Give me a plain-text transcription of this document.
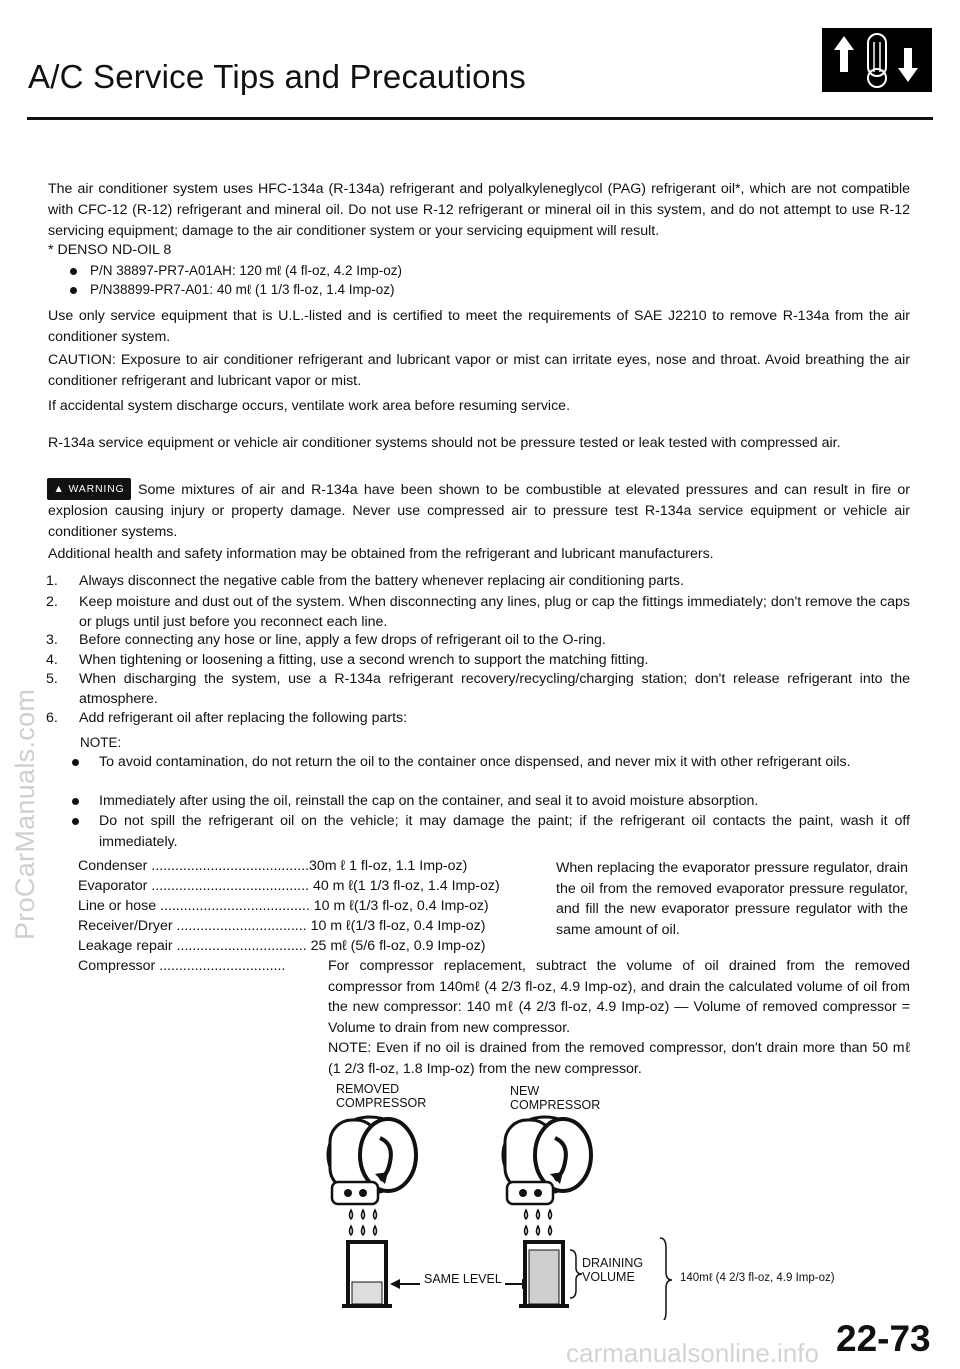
A/C Service Tips and Precautions
The air conditioner system uses HFC-134a (R-134a) refrigerant and polyalkyleneglycol (PAG) refrigerant oil*, which are not compatible with CFC-12 (R-12) refrigerant and mineral oil. Do not use R-12 refrigerant or mineral oil in this system, and do not attempt to use R-12 servicing equipment; damage to the air conditioner system or your servicing equipment will result.
* DENSO ND-OIL 8
P/N 38897-PR7-A01AH: 120 mℓ (4 fl-oz, 4.2 Imp-oz)
P/N38899-PR7-A01: 40 mℓ (1 1/3 fl-oz, 1.4 Imp-oz)
Use only service equipment that is U.L.-listed and is certified to meet the requirements of SAE J2210 to remove R-134a from the air conditioner system.
CAUTION: Exposure to air conditioner refrigerant and lubricant vapor or mist can irritate eyes, nose and throat. Avoid breathing the air conditioner refrigerant and lubricant vapor or mist.
If accidental system discharge occurs, ventilate work area before resuming service.
R-134a service equipment or vehicle air conditioner systems should not be pressure tested or leak tested with compressed air.
▲ WARNING Some mixtures of air and R-134a have been shown to be combustible at elevated pressures and can result in fire or explosion causing injury or property damage. Never use compressed air to pressure test R-134a service equipment or vehicle air conditioner systems.
Additional health and safety information may be obtained from the refrigerant and lubricant manufacturers.
1. Always disconnect the negative cable from the battery whenever replacing air conditioning parts.
2. Keep moisture and dust out of the system. When disconnecting any lines, plug or cap the fittings immediately; don't remove the caps or plugs until just before you reconnect each line.
3. Before connecting any hose or line, apply a few drops of refrigerant oil to the O-ring.
4. When tightening or loosening a fitting, use a second wrench to support the matching fitting.
5. When discharging the system, use a R-134a refrigerant recovery/recycling/charging station; don't release refrigerant into the atmosphere.
6. Add refrigerant oil after replacing the following parts:
NOTE:
To avoid contamination, do not return the oil to the container once dispensed, and never mix it with other refrigerant oils.
Immediately after using the oil, reinstall the cap on the container, and seal it to avoid moisture absorption.
Do not spill the refrigerant oil on the vehicle; it may damage the paint; if the refrigerant oil contacts the paint, wash it off immediately.
Condenser ........................................30m ℓ 1 fl-oz, 1.1 Imp-oz)
Evaporator ........................................ 40 m ℓ(1 1/3 fl-oz, 1.4 Imp-oz)
Line or hose ...................................... 10 m ℓ(1/3 fl-oz, 0.4 Imp-oz)
Receiver/Dryer ................................. 10 m ℓ(1/3 fl-oz, 0.4 Imp-oz)
Leakage repair ................................. 25 mℓ (5/6 fl-oz, 0.9 Imp-oz)
Compressor ................................
When replacing the evaporator pressure regulator, drain the oil from the removed evaporator pressure regulator, and fill the new evaporator pressure regulator with the same amount of oil.
For compressor replacement, subtract the volume of oil drained from the removed compressor from 140mℓ (4 2/3 fl-oz, 4.9 Imp-oz), and drain the calculated volume of oil from the new compressor: 140 mℓ (4 2/3 fl-oz, 4.9 Imp-oz) — Volume of removed compressor = Volume to drain from new compressor.
NOTE: Even if no oil is drained from the removed compressor, don't drain more than 50 mℓ (1 2/3 fl-oz, 1.8 Imp-oz) from the new compressor.
REMOVED COMPRESSOR
NEW COMPRESSOR
SAME LEVEL
DRAINING VOLUME	140mℓ (4 2/3 fl-oz, 4.9 Imp-oz)
ProCarManuals.com
22-73
carmanualsonline.info
